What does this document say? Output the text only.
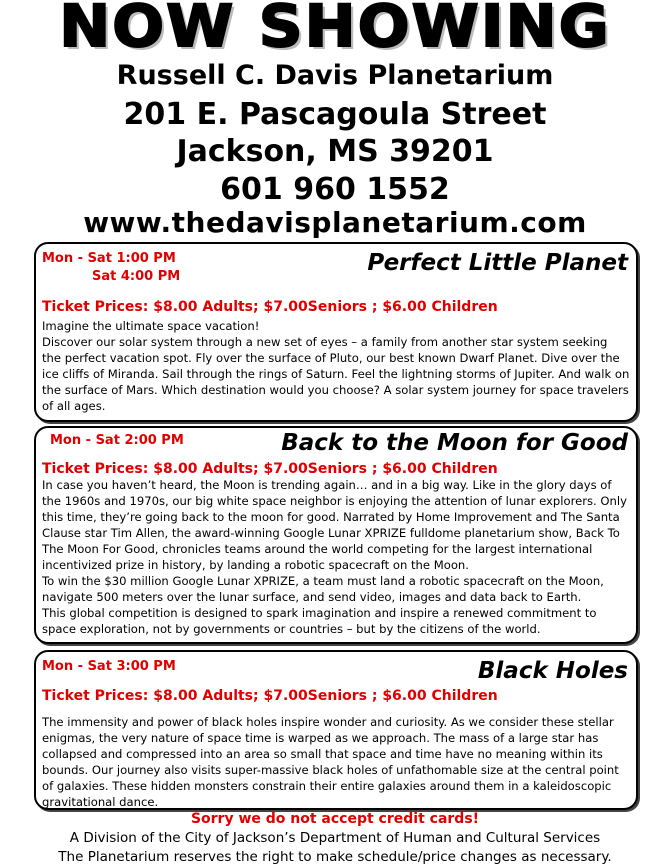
NOW SHOWING
Russell C. Davis Planetarium
201 E. Pascagoula Street
Jackson, MS 39201
601 960 1552
www.thedavisplanetarium.com
Mon - Sat 1:00 PM
Sat 4:00 PM
Perfect Little Planet
Ticket Prices: $8.00 Adults; $7.00Seniors ; $6.00 Children

Imagine the ultimate space vacation!

Discover our solar system through a new set of eyes – a family from another star system seeking the perfect vacation spot. Fly over the surface of Pluto, our best known Dwarf Planet. Dive over the ice cliffs of Miranda. Sail through the rings of Saturn. Feel the lightning storms of Jupiter. And walk on the surface of Mars. Which destination would you choose? A solar system journey for space travelers of all ages.

Mon - Sat 2:00 PM	Back to the Moon for Good
Ticket Prices: $8.00 Adults; $7.00Seniors ; $6.00 Children

In case you haven’t heard, the Moon is trending again… and in a big way. Like in the glory days of the 1960s and 1970s, our big white space neighbor is enjoying the attention of lunar explorers. Only this time, they’re going back to the moon for good. Narrated by Home Improvement and The Santa Clause star Tim Allen, the award-winning Google Lunar XPRIZE fulldome planetarium show, Back To The Moon For Good, chronicles teams around the world competing for the largest international incentivized prize in history, by landing a robotic spacecraft on the Moon.

To win the $30 million Google Lunar XPRIZE, a team must land a robotic spacecraft on the Moon, navigate 500 meters over the lunar surface, and send video, images and data back to Earth.

This global competition is designed to spark imagination and inspire a renewed commitment to space exploration, not by governments or countries – but by the citizens of the world.

Mon - Sat 3:00 PM	Black Holes
Ticket Prices: $8.00 Adults; $7.00Seniors ; $6.00 Children

The immensity and power of black holes inspire wonder and curiosity. As we consider these stellar enigmas, the very nature of space time is warped as we approach. The mass of a large star has collapsed and compressed into an area so small that space and time have no meaning within its bounds. Our journey also visits super-massive black holes of unfathomable size at the central point of galaxies. These hidden monsters constrain their entire galaxies around them in a kaleidoscopic gravitational dance.

Sorry we do not accept credit cards!
A Division of the City of Jackson’s Department of Human and Cultural Services
The Planetarium reserves the right to make schedule/price changes as necessary.
